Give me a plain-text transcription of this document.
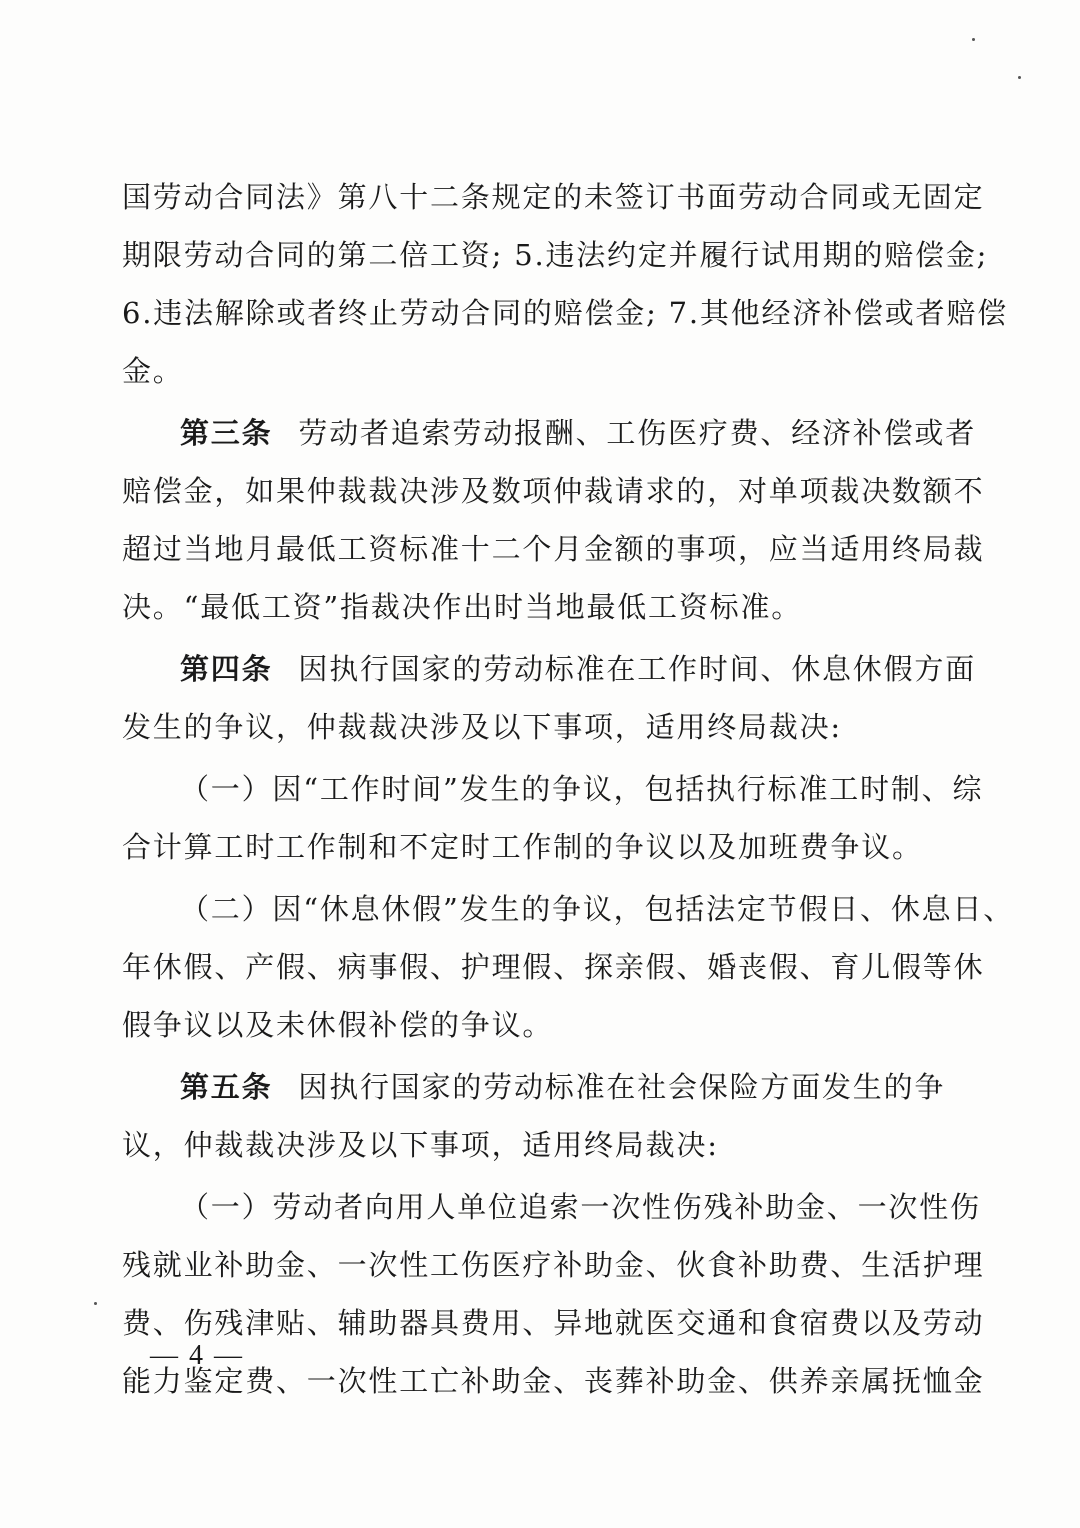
国劳动合同法》第八十二条规定的未签订书面劳动合同或无固定
期限劳动合同的第二倍工资; 5.违法约定并履行试用期的赔偿金;
6.违法解除或者终止劳动合同的赔偿金; 7.其他经济补偿或者赔偿
金。
第三条 劳动者追索劳动报酬、工伤医疗费、经济补偿或者
赔偿金，如果仲裁裁决涉及数项仲裁请求的，对单项裁决数额不
超过当地月最低工资标准十二个月金额的事项，应当适用终局裁
决。“最低工资”指裁决作出时当地最低工资标准。
第四条 因执行国家的劳动标准在工作时间、休息休假方面
发生的争议，仲裁裁决涉及以下事项，适用终局裁决:
（一）因“工作时间”发生的争议，包括执行标准工时制、综
合计算工时工作制和不定时工作制的争议以及加班费争议。
（二）因“休息休假”发生的争议，包括法定节假日、休息日、
年休假、产假、病事假、护理假、探亲假、婚丧假、育儿假等休
假争议以及未休假补偿的争议。
第五条 因执行国家的劳动标准在社会保险方面发生的争
议，仲裁裁决涉及以下事项，适用终局裁决:
（一）劳动者向用人单位追索一次性伤残补助金、一次性伤
残就业补助金、一次性工伤医疗补助金、伙食补助费、生活护理
费、伤残津贴、辅助器具费用、异地就医交通和食宿费以及劳动
能力鉴定费、一次性工亡补助金、丧葬补助金、供养亲属抚恤金
— 4 —
